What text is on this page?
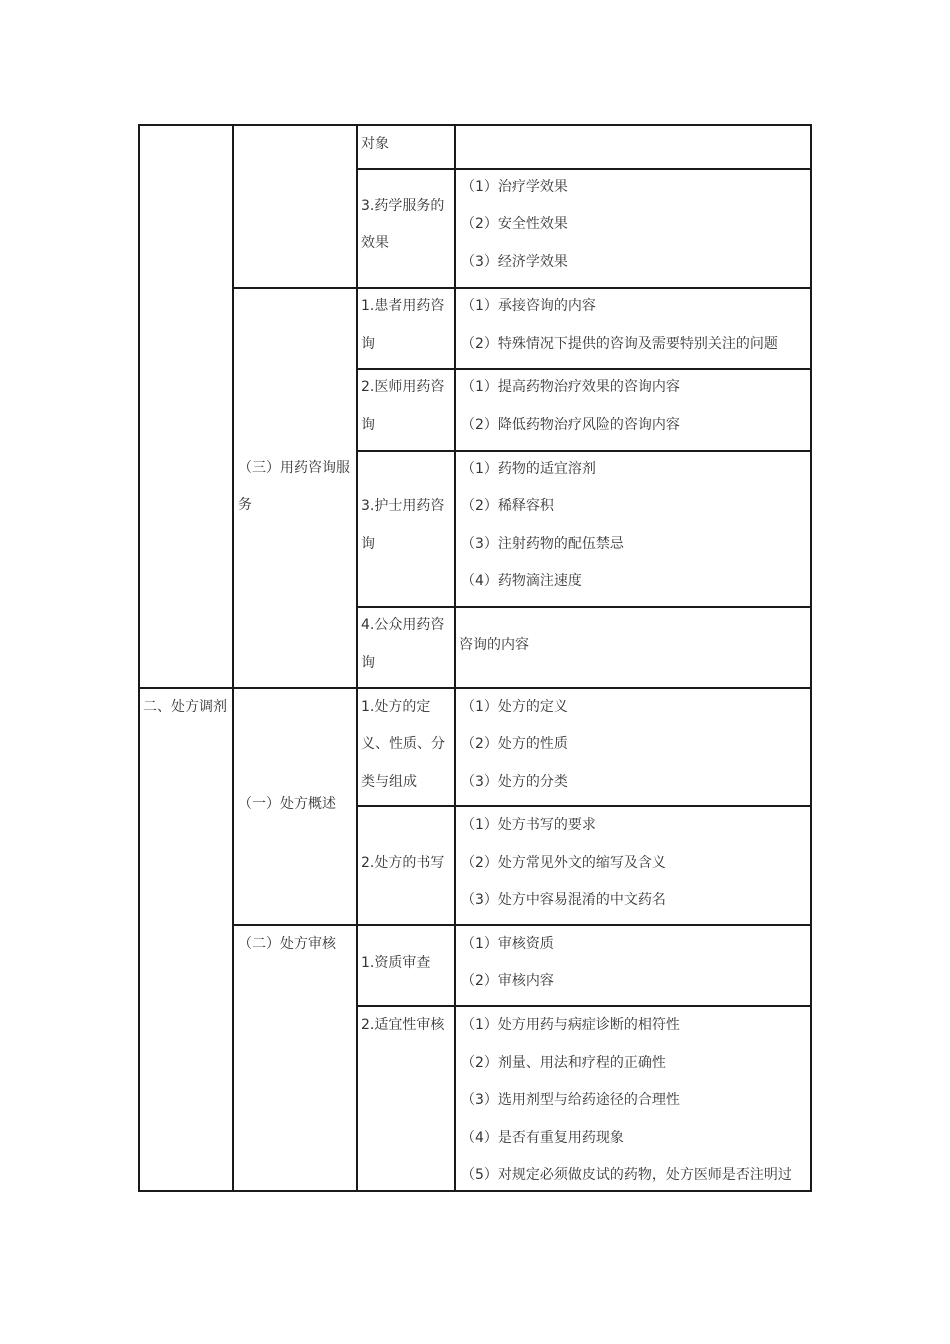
对象
3.药学服务的
效果
（1）治疗学效果
（2）安全性效果
（3）经济学效果
（三）用药咨询服
务
1.患者用药咨
询
（1）承接咨询的内容
（2）特殊情况下提供的咨询及需要特别关注的问题
2.医师用药咨
询
（1）提高药物治疗效果的咨询内容
（2）降低药物治疗风险的咨询内容
3.护士用药咨
询
（1）药物的适宜溶剂
（2）稀释容积
（3）注射药物的配伍禁忌
（4）药物滴注速度
4.公众用药咨
询
咨询的内容
二、处方调剂
（一）处方概述
1.处方的定
义、性质、分
类与组成
（1）处方的定义
（2）处方的性质
（3）处方的分类
2.处方的书写
（1）处方书写的要求
（2）处方常见外文的缩写及含义
（3）处方中容易混淆的中文药名
（二）处方审核
1.资质审查
（1）审核资质
（2）审核内容
2.适宜性审核 （1）处方用药与病症诊断的相符性
（2）剂量、用法和疗程的正确性
（3）选用剂型与给药途径的合理性
（4）是否有重复用药现象
（5）对规定必须做皮试的药物，处方医师是否注明过
